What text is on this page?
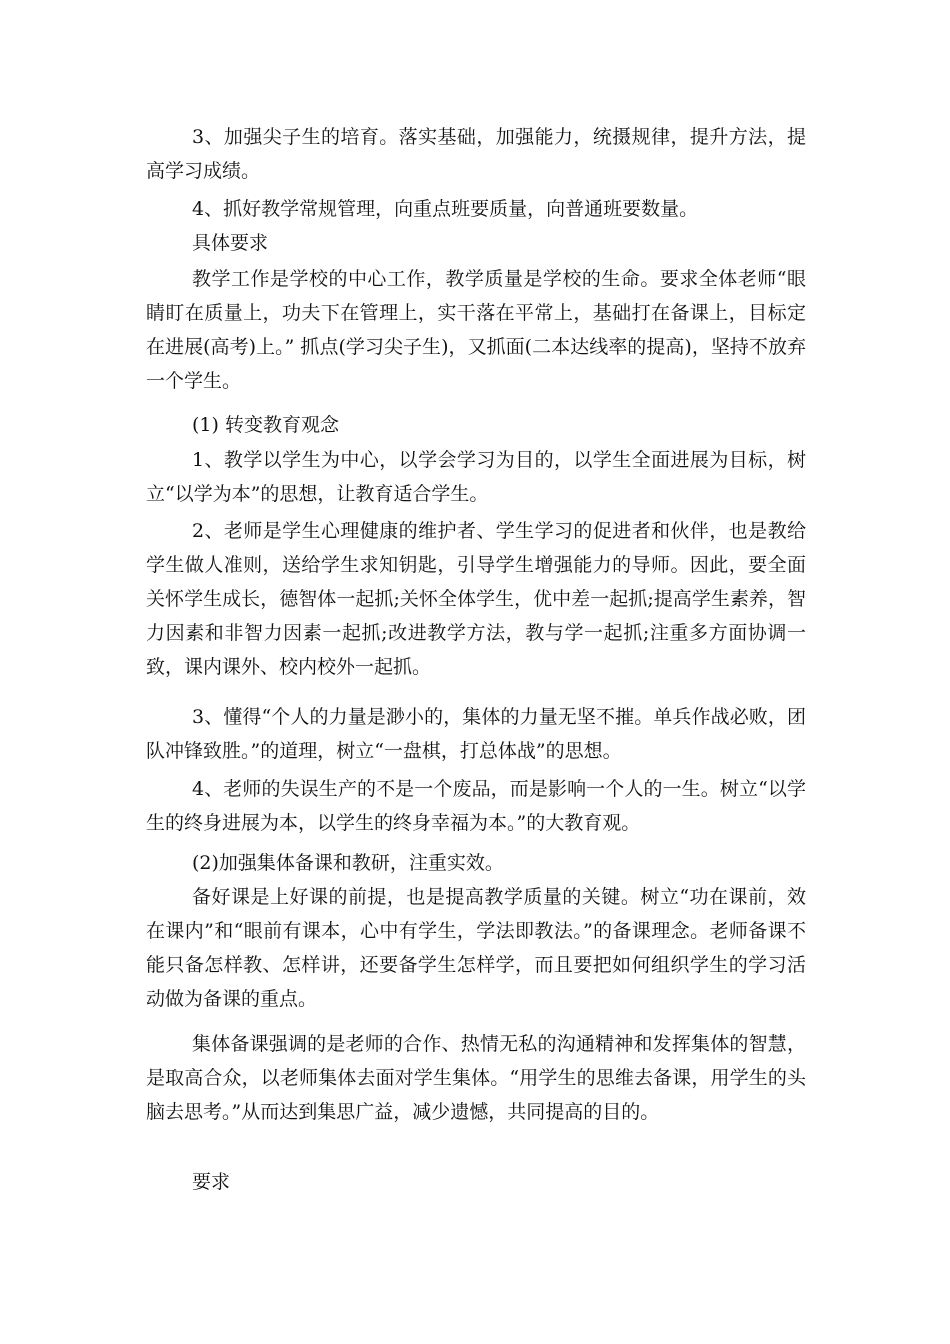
3、加强尖子生的培育。落实基础，加强能力，统摄规律，提升方法，提高学习成绩。

4、抓好教学常规管理，向重点班要质量，向普通班要数量。

具体要求

教学工作是学校的中心工作，教学质量是学校的生命。要求全体老师“眼睛盯在质量上，功夫下在管理上，实干落在平常上，基础打在备课上，目标定在进展(高考)上。” 抓点(学习尖子生)，又抓面(二本达线率的提高)，坚持不放弃一个学生。

(1) 转变教育观念

1、教学以学生为中心，以学会学习为目的，以学生全面进展为目标，树立“以学为本”的思想，让教育适合学生。

2、老师是学生心理健康的维护者、学生学习的促进者和伙伴，也是教给学生做人准则，送给学生求知钥匙，引导学生增强能力的导师。因此，要全面关怀学生成长，德智体一起抓;关怀全体学生，优中差一起抓;提高学生素养，智力因素和非智力因素一起抓;改进教学方法，教与学一起抓;注重多方面协调一致，课内课外、校内校外一起抓。

3、懂得“个人的力量是渺小的，集体的力量无坚不摧。单兵作战必败，团队冲锋致胜。”的道理，树立“一盘棋，打总体战”的思想。

4、老师的失误生产的不是一个废品，而是影响一个人的一生。树立“以学生的终身进展为本，以学生的终身幸福为本。”的大教育观。

(2)加强集体备课和教研，注重实效。

备好课是上好课的前提，也是提高教学质量的关键。树立“功在课前，效在课内”和“眼前有课本，心中有学生，学法即教法。”的备课理念。老师备课不能只备怎样教、怎样讲，还要备学生怎样学，而且要把如何组织学生的学习活动做为备课的重点。

集体备课强调的是老师的合作、热情无私的沟通精神和发挥集体的智慧，是取高合众，以老师集体去面对学生集体。“用学生的思维去备课，用学生的头脑去思考。”从而达到集思广益，减少遗憾，共同提高的目的。

要求
